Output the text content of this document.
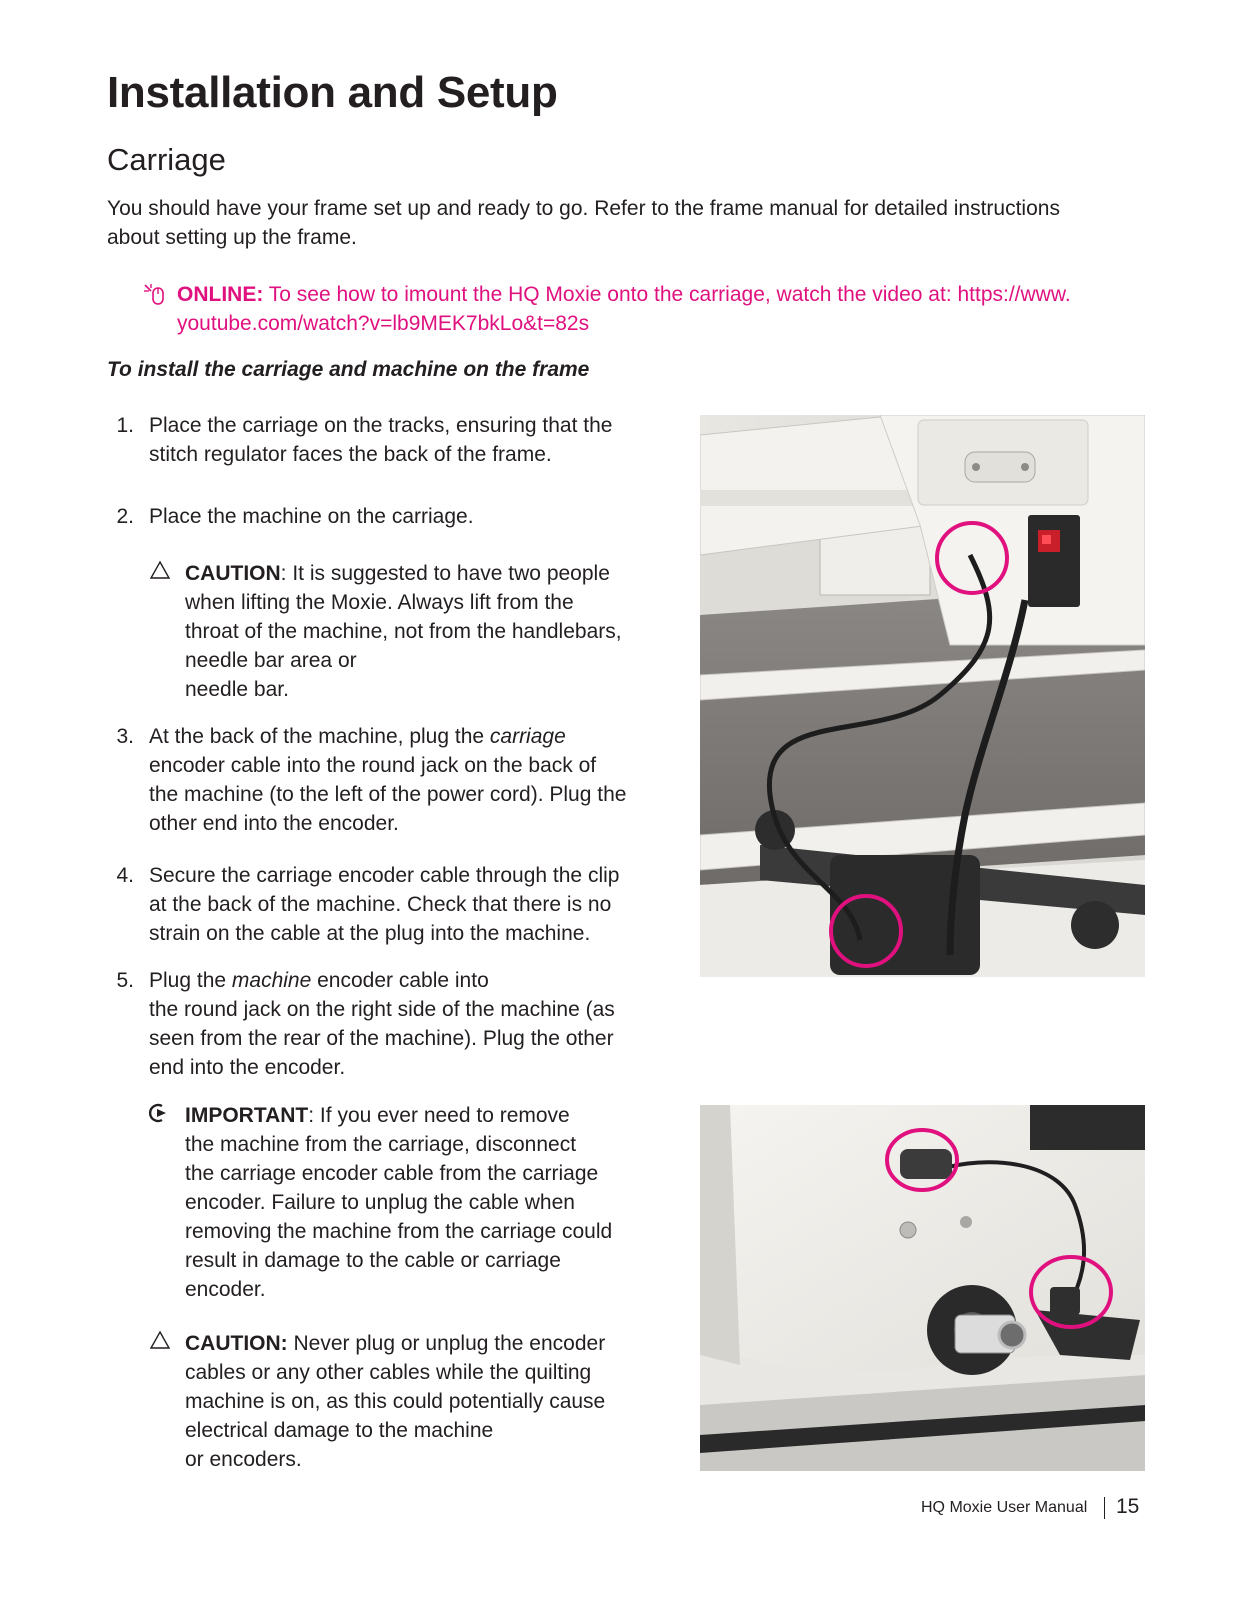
Installation and Setup
Carriage
You should have your frame set up and ready to go. Refer to the frame manual for detailed instructions about setting up the frame.
ONLINE: To see how to imount the HQ Moxie onto the carriage, watch the video at: https://www.
youtube.com/watch?v=lb9MEK7bkLo&t=82s
To install the carriage and machine on the frame
1. Place the carriage on the tracks, ensuring that the
stitch regulator faces the back of the frame.
2. Place the machine on the carriage.
CAUTION: It is suggested to have two people
when lifting the Moxie. Always lift from the
throat of the machine, not from the handlebars,
needle bar area or
needle bar.
3. At the back of the machine, plug the carriage
encoder cable into the round jack on the back of
the machine (to the left of the power cord). Plug the
other end into the encoder.
4. Secure the carriage encoder cable through the clip
at the back of the machine. Check that there is no
strain on the cable at the plug into the machine.
5. Plug the machine encoder cable into
the round jack on the right side of the machine (as
seen from the rear of the machine). Plug the other
end into the encoder.
IMPORTANT: If you ever need to remove
the machine from the carriage, disconnect
the carriage encoder cable from the carriage
encoder. Failure to unplug the cable when
removing the machine from the carriage could
result in damage to the cable or carriage
encoder.
CAUTION: Never plug or unplug the encoder
cables or any other cables while the quilting
machine is on, as this could potentially cause
electrical damage to the machine
or encoders.
HQ Moxie User Manual 15
